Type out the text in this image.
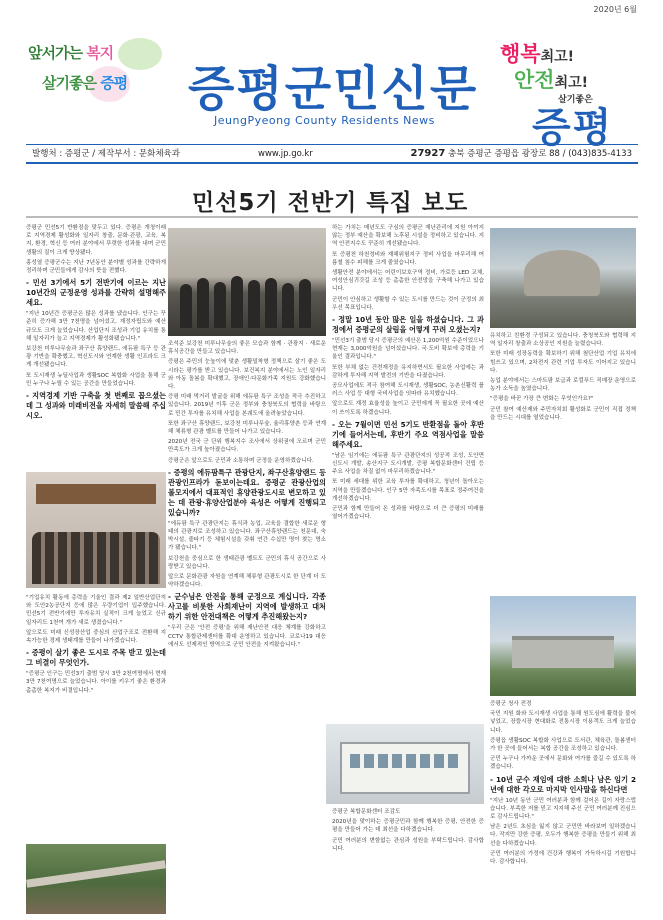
2020년 6월
앞서가는 복지
살기좋은 증평 증평군민신문
JeungPyeong County Residents News
행복최고!
안전최고!
살기좋은
증평
발행처 : 증평군 / 제작부서 : 문화체육과	www.jp.go.kr	27927 충북 증평군 증평읍 광장로 88 / (043)835-4133
민선5기 전반기 특집 보도

증평군 민선5기 반환점을 맞두고 있다. 증평은 개청이래로 지역경제 활성화와 일자리 창출, 문화·관광, 교육, 복지, 환경, 혁신 등 여러 분야에서 뚜렷한 성과를 내며 군민 생활의 질이 크게 향상됐다.

홍성열 증평군수는 지난 7년동안 분야별 성과를 간략하게 정리하며 군민들에게 감사의 뜻을 전했다.

- 민선 3기에서 5기 전반기에 이르는 지난 10년간의 군정운영 성과를 간략히 설명해주세요.

"지난 10년간 증평군은 많은 성과를 냈습니다. 인구는 꾸준히 증가해 3만 7천명을 넘어섰고, 재정자립도와 예산 규모도 크게 늘었습니다. 산업단지 조성과 기업 유치를 통해 일자리가 늘고 지역경제가 활성화됐습니다."

보강천 미루나무숲과 좌구산 휴양랜드, 에듀팜 특구 등 관광 기반을 확충했고, 혁신도시와 연계한 생활 인프라도 크게 개선됐습니다.

또 도시재생 뉴딜사업과 생활SOC 복합화 사업을 통해 군민 누구나 누릴 수 있는 공간을 만들었습니다.

- 지역경제 기반 구축을 첫 번째로 꼽으셨는데 그 성과와 미래비전을 자세히 말씀해 주십시오.

"기업유치 활동에 총력을 기울인 결과 제2 일반산업단지와 도안2농공단지 등에 많은 우량기업이 입주했습니다. 민선5기 전반기에만 투자유치 실적이 크게 늘었고 신규 일자리도 1천여 개가 새로 생겼습니다."

앞으로도 미래 신성장산업 중심의 산업구조로 전환해 지속가능한 경제 생태계를 만들어 나가겠습니다.

- 증평이 살기 좋은 도시로 주목 받고 있는데 그 비결이 무엇인가.

"증평군 인구는 민선3기 출범 당시 3만 2천여명에서 현재 3만 7천여명으로 늘었습니다. 아이를 키우기 좋은 환경과 촘촘한 복지가 비결입니다."

조석준 보강천 미루나무숲의 좋은 모습과 함께 · 관광지 · 새로운 휴식공간을 만들고 있습니다.

증평은 주민의 눈높이에 맞춘 생활밀착형 정책으로 살기 좋은 도시라는 평가를 받고 있습니다. 보건복지 분야에서는 노인 일자리와 아동 돌봄을 확대했고, 장애인·다문화가족 지원도 강화했습니다.

증평 미래 먹거리 발굴을 위해 에듀팜 특구 조성을 적극 추진하고 있습니다. 2019년 이후 군은 정부와 충청북도의 협력을 바탕으로 민간 투자를 유치해 사업을 본궤도에 올려놓았습니다.

또한 좌구산 휴양랜드, 보강천 미루나무숲, 율리휴양촌 등과 연계해 체류형 관광 벨트를 만들어 나가고 있습니다.

2020년 전국 군 단위 행복지수 조사에서 상위권에 오르며 군민 만족도가 크게 높아졌습니다.

증평군은 앞으로도 군민과 소통하며 군정을 운영하겠습니다.

- 증평의 에듀팜특구 관광단지, 좌구산휴양랜드 등 관광인프라가 돋보이는데요. 증평군 관광산업의 볼모지에서 대표적인 휴양관광도시로 변모하고 있는 데 관광·휴양산업분야 육성은 어떻게 진행되고 있습니까?

"에듀팜 특구 관광단지는 휴식과 농업, 교육을 결합한 새로운 형태의 관광지로 조성하고 있습니다. 좌구산휴양랜드는 천문대, 숙박시설, 줄타기 등 체험시설을 갖춰 연간 수십만 명이 찾는 명소가 됐습니다."

보강천을 중심으로 한 생태관광 벨트도 군민의 휴식 공간으로 사랑받고 있습니다.

앞으로 문화관광 자원을 연계해 체류형 관광도시로 한 단계 더 도약하겠습니다.

- 군수님은 안전을 통해 군정으로 계십니다. 각종 사고를 비롯한 사회재난이 지역에 발생하고 대처하기 위한 안전대책은 어떻게 추진해왔는지?

"우리 군은 '안전 증평'을 위해 재난안전 대응 체계를 강화하고 CCTV 통합관제센터를 확대 운영하고 있습니다. 코로나19 대응에서도 선제적인 방역으로 군민 안전을 지켜왔습니다."

하는 가치는 매년도도 구심의 증평군 재난관리에 지원 아끼지 않는 정부 예산을 확보해 노후된 시설을 정비하고 있습니다. 지역 안전지수도 꾸준히 개선됐습니다.

또 증평천 하천정비와 재해위험지구 정비 사업을 마무리해 여름철 침수 피해를 크게 줄였습니다.

생활안전 분야에서는 어린이보호구역 정비, 가로등 LED 교체, 여성안심귀갓길 조성 등 촘촘한 안전망을 구축해 나가고 있습니다.

군민이 안심하고 생활할 수 있는 도시를 만드는 것이 군정의 최우선 목표입니다.

- 정말 10년 동안 많은 일을 하셨습니다. 그 과정에서 증평군의 살림을 어떻게 꾸려 오셨는지?

"민선3기 출범 당시 증평군의 예산은 1,200억원 수준이었으나 현재는 3,000억원을 넘어섰습니다. 국·도비 확보에 총력을 기울인 결과입니다."

또한 부채 없는 건전재정을 유지하면서도 필요한 사업에는 과감하게 투자해 지역 발전의 기반을 다졌습니다.

공모사업에도 적극 참여해 도시재생, 생활SOC, 농촌신활력 플러스 사업 등 대형 국비사업을 잇따라 유치했습니다.

앞으로도 재정 효율성을 높이고 군민에게 꼭 필요한 곳에 예산이 쓰이도록 하겠습니다.

- 오는 7월이면 민선 5기도 반환점을 돌아 후반기에 들어서는데, 후반기 주요 역점사업을 말씀해주세요.

"남은 임기에는 에듀팜 특구 관광단지의 성공적 조성, 도안면 신도시 개발, 송산지구 도시개발, 증평 복합문화센터 건립 등 주요 사업을 차질 없이 마무리하겠습니다."

또 미래 세대를 위한 교육 투자를 확대하고, 청년이 돌아오는 지역을 만들겠습니다. 인구 5만 자족도시를 목표로 정주여건을 개선하겠습니다.

군민과 함께 만들어 온 성과를 바탕으로 더 큰 증평의 미래를 열어가겠습니다.

증평군 복합문화센터 조감도

2020년을 맞이하는 증평군민과 함께 행복한 증평, 안전한 증평을 만들어 가는 데 최선을 다하겠습니다.

군민 여러분의 변함없는 관심과 성원을 부탁드립니다. 감사합니다.

유치하고 친환경 구성되고 있습니다. 충청북도와 협력해 지역 일자리 창출과 소상공인 지원을 늘렸습니다.

또한 미래 성장동력을 확보하기 위해 첨단산업 기업 유치에 힘쓰고 있으며, 2차전지 관련 기업 투자도 이어지고 있습니다.

농업 분야에서는 스마트팜 보급과 로컬푸드 직매장 운영으로 농가 소득을 높였습니다.

"증평을 바꾼 가장 큰 변화는 무엇인가요?"

군민 참여 예산제와 주민자치회 활성화로 군민이 직접 정책을 만드는 시대를 열었습니다.

증평군 청사 전경

국민 지원 화와 도시재생 사업을 통해 원도심에 활력을 불어넣었고, 장뜰시장 현대화로 전통시장 이용객도 크게 늘었습니다.

증평읍 생활SOC 복합화 사업으로 도서관, 체육관, 돌봄센터가 한 곳에 들어서는 복합 공간을 조성하고 있습니다.

군민 누구나 가까운 곳에서 문화와 여가를 즐길 수 있도록 하겠습니다.

- 10년 군수 재임에 대한 소회나 남은 임기 2년에 대한 각오로 마지막 인사말을 하신다면

"지난 10년 동안 군민 여러분과 함께 걸어온 길이 자랑스럽습니다. 부족한 저를 믿고 지지해 주신 군민 여러분께 진심으로 감사드립니다."

남은 2년도 초심을 잃지 않고 군민만 바라보며 일하겠습니다. 작지만 강한 증평, 모두가 행복한 증평을 만들기 위해 최선을 다하겠습니다.

군민 여러분의 가정에 건강과 행복이 가득하시길 기원합니다. 감사합니다.
